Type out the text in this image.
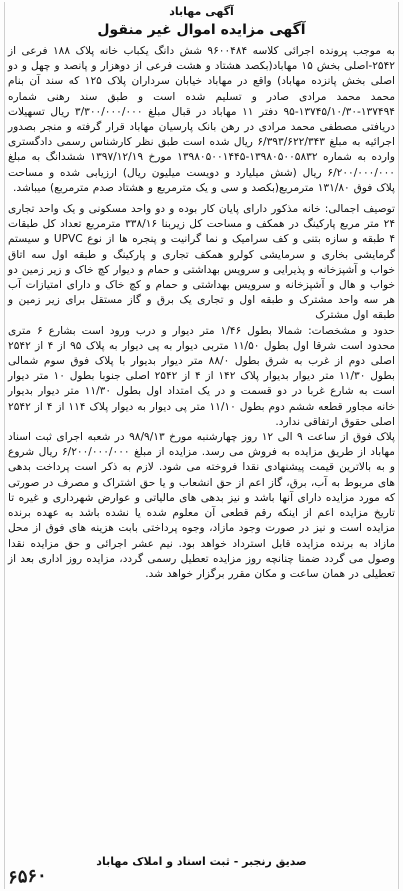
آگهی مهاباد
آگهی مزایده اموال غیر منقول

به موجب پرونده اجرائی کلاسه ۹۶۰۰۴۸۴ شش دانگ یکباب خانه پلاک ۱۸۸ فرعی از ۲۵۴۲-اصلی بخش ۱۵ مهاباد(بکصد هشتاد و هشت فرعی از دوهزار و پانصد و چهل و دو اصلی بخش پانزده مهاباد) واقع در مهاباد خیابان سرداران پلاک ۱۲۵ که سند آن بنام محمد محمد مرادی صادر و تسلیم شده است و طبق سند رهنی شماره ۱۳۷۴۹۴-۱۳۷۴۵/۱۰/۳۰-۹۵ دفتر ۱۱ مهاباد در قبال مبلغ ۳/۳۰۰/۰۰۰/۰۰۰ ریال تسهیلات دریافتی مصطفی محمد مرادی در رهن بانک پارسیان مهاباد قرار گرفته و منجر بصدور اجرائیه به مبلغ ۶/۳۹۳/۶۲۲/۳۴۳ ریال شده است طبق نظر کارشناس رسمی دادگستری وارده به شماره ۱۳۹۸۰۵۰۰۵۸۳۲-۱۳۹۸۰۵۰۰۱۴۴۵ مورخ ۱۳۹۷/۱۲/۱۹ ششدانگ به مبلغ ۶/۲۰۰/۰۰۰/۰۰۰ ریال (شش میلیارد و دویست میلیون ریال) ارزیابی شده و مساحت پلاک فوق ۱۳۱/۸۰ مترمربع(بکصد و سی و یک مترمربع و هشتاد صدم مترمربع) میباشد.

توصیف اجمالی: خانه مذکور دارای پایان کار بوده و دو واحد مسکونی و یک واحد تجاری ۲۴ متر مربع پارکینگ در همکف و مساحت کل زیربنا ۳۳۸/۱۶ مترمربع تعداد کل طبقات ۴ طبقه و سازه بتنی و کف سرامیک و نما گرانیت و پنجره ها از نوع UPVC و سیستم گرمایشی بخاری و سرمایشی کولرو همکف تجاری و پارکینگ و طبقه اول سه اتاق خواب و آشپزخانه و پذیرایی و سرویس بهداشتی و حمام و دیوار کچ خاک و زیر زمین دو خواب و هال و آشپزخانه و سرویس بهداشتی و حمام و کچ خاک و دارای امتیازات آب هر سه واحد مشترک و طبقه اول و تجاری یک برق و گاز مستقل برای زیر زمین و طبقه اول مشترک

حدود و مشخصات: شمالا بطول ۱/۴۶ متر دیوار و درب ورود است بشارع ۶ متری محدود است شرقا اول بطول ۱۱/۵۰ متربی دیوار به پی دیوار به پلاک ۹۵ از ۴ از ۲۵۴۲ اصلی دوم از غرب به شرق بطول ۸۸/۰ متر دیوار بدیوار با پلاک فوق سوم شمالی بطول ۱۱/۳۰ متر دیوار بدیوار پلاک ۱۴۲ از ۴ از ۲۵۴۲ اصلی جنوبا بطول ۱۰ متر دیوار است به شارع غربا در دو قسمت و در یک امتداد اول بطول ۱۱/۳۰ متر دیوار بدیوار خانه مجاور قطعه ششم دوم بطول ۱۱/۱۰ متر پی دیوار به دیوار پلاک ۱۱۴ از ۴ از ۲۵۴۲ اصلی حقوق ارتفاقی ندارد.

پلاک فوق از ساعت ۹ الی ۱۲ روز چهارشنبه مورخ ۹۸/۹/۱۳ در شعبه اجرای ثبت اسناد مهاباد از طریق مزایده به فروش می رسد. مزایده از مبلغ ۶/۲۰۰/۰۰۰/۰۰۰ ریال شروع و به بالاترین قیمت پیشنهادی نقدا فروخته می شود. لازم به ذکر است پرداخت بدهی های مربوط به آب، برق، گاز اعم از حق انشعاب و یا حق اشتراک و مصرف در صورتی که مورد مزایده دارای آنها باشد و نیز بدهی های مالیاتی و عوارض شهرداری و غیره تا تاریخ مزایده اعم از اینکه رقم قطعی آن معلوم شده یا نشده باشد به عهده برنده مزایده است و نیز در صورت وجود مازاد، وجوه پرداختی بابت هزینه های فوق از محل مازاد به برنده مزایده قابل استرداد خواهد بود. نیم عشر اجرائی و حق مزایده نقدا وصول می گردد ضمنا چنانچه روز مزایده تعطیل رسمی گردد، مزایده روز اداری بعد از تعطیلی در همان ساعت و مکان مقرر برگزار خواهد شد.

صدیق رنجبر - ثبت اسناد و املاک مهاباد
۶۵۶۰
